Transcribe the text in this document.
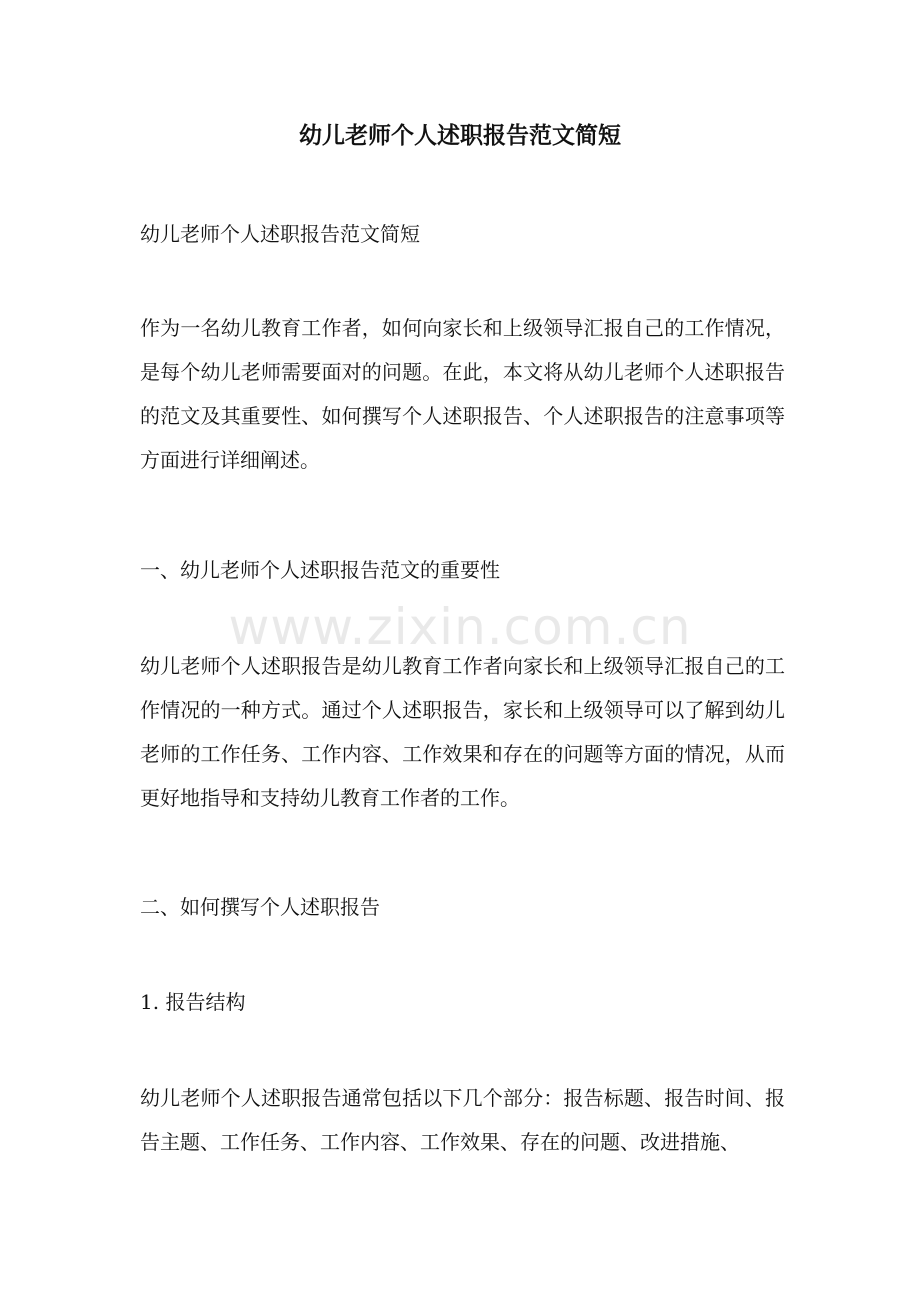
幼儿老师个人述职报告范文简短

幼儿老师个人述职报告范文简短

作为一名幼儿教育工作者，如何向家长和上级领导汇报自己的工作情况，是每个幼儿老师需要面对的问题。在此，本文将从幼儿老师个人述职报告的范文及其重要性、如何撰写个人述职报告、个人述职报告的注意事项等方面进行详细阐述。

一、幼儿老师个人述职报告范文的重要性

幼儿老师个人述职报告是幼儿教育工作者向家长和上级领导汇报自己的工作情况的一种方式。通过个人述职报告，家长和上级领导可以了解到幼儿老师的工作任务、工作内容、工作效果和存在的问题等方面的情况，从而更好地指导和支持幼儿教育工作者的工作。

二、如何撰写个人述职报告

1. 报告结构

幼儿老师个人述职报告通常包括以下几个部分：报告标题、报告时间、报告主题、工作任务、工作内容、工作效果、存在的问题、改进措施、

www.zixin.com.cn
